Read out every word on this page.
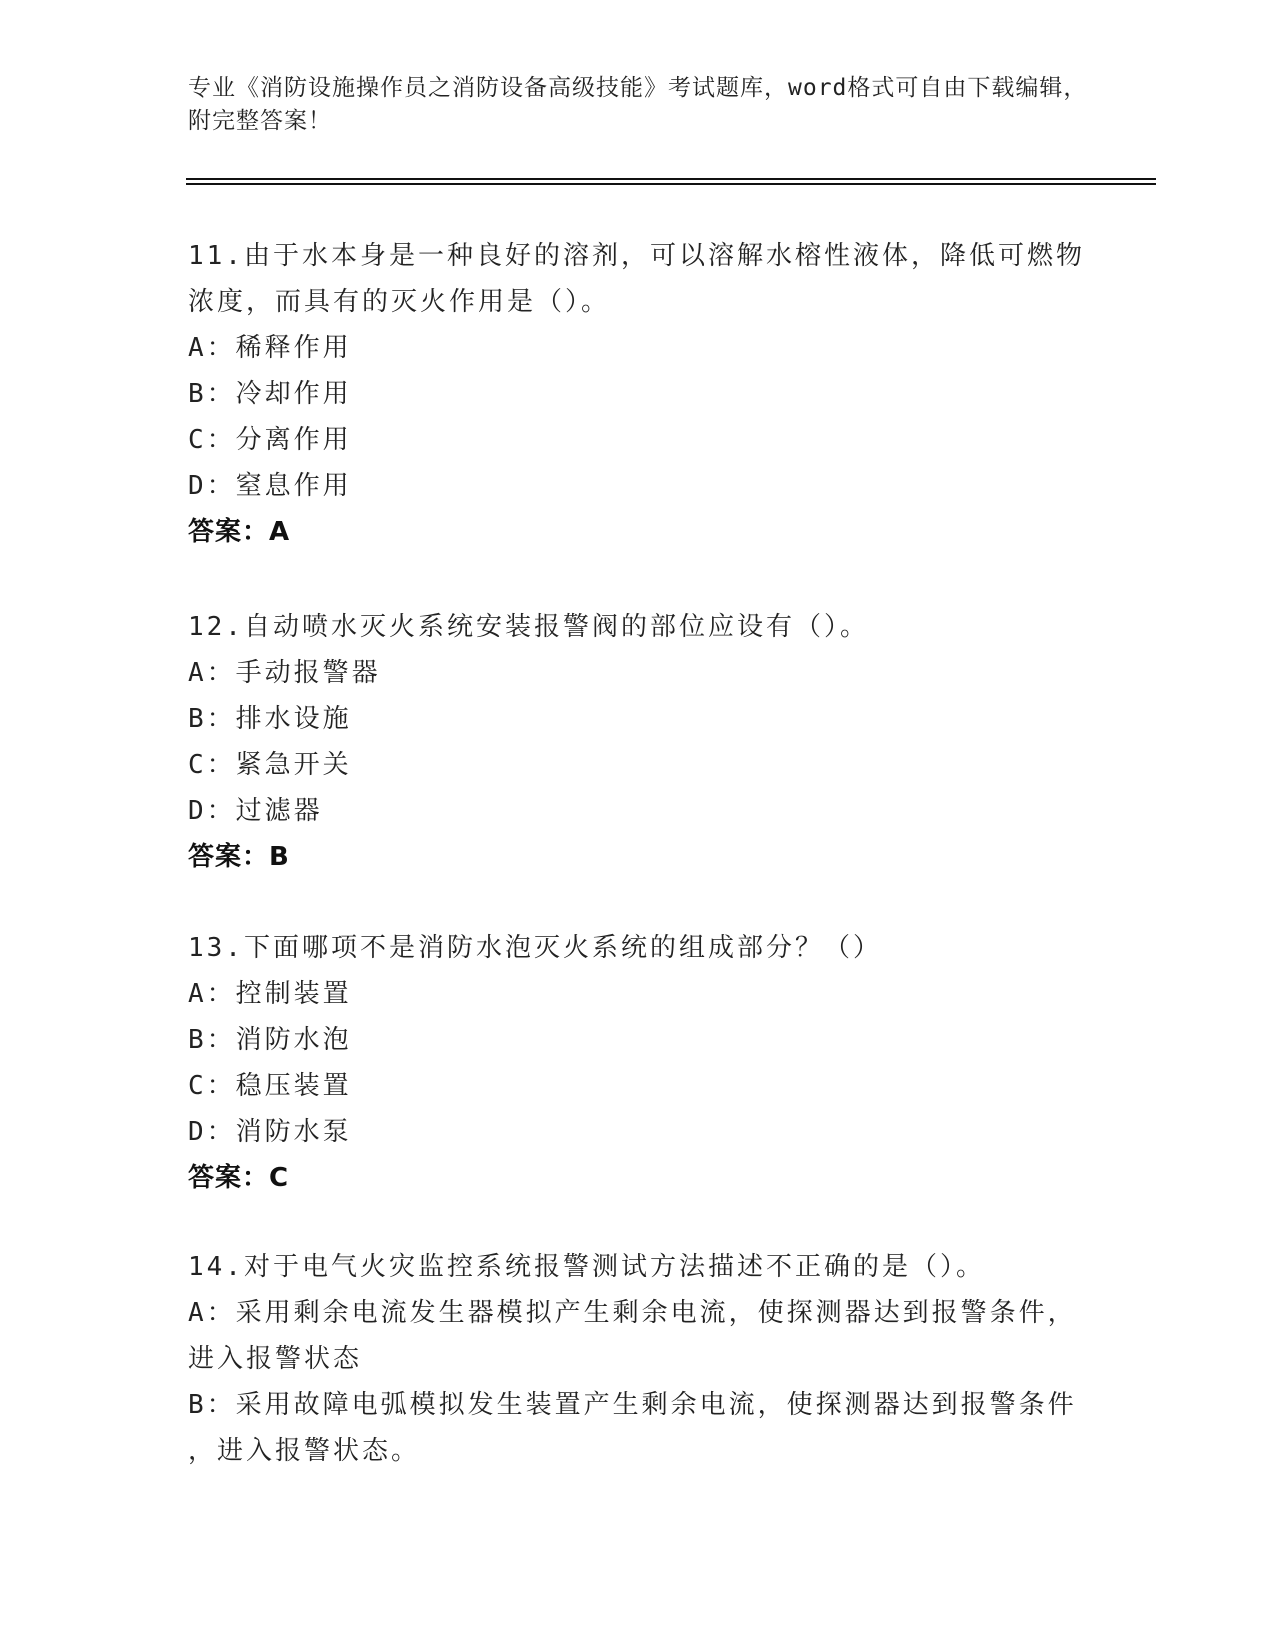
专业《消防设施操作员之消防设备高级技能》考试题库，word格式可自由下载编辑，附完整答案！
11.由于水本身是一种良好的溶剂，可以溶解水榕性液体，降低可燃物
浓度，而具有的灭火作用是（）。
A：稀释作用
B：冷却作用
C：分离作用
D：窒息作用
答案：A
12.自动喷水灭火系统安装报警阀的部位应设有（）。
A：手动报警器
B：排水设施
C：紧急开关
D：过滤器
答案：B
13.下面哪项不是消防水泡灭火系统的组成部分？（）
A：控制装置
B：消防水泡
C：稳压装置
D：消防水泵
答案：C
14.对于电气火灾监控系统报警测试方法描述不正确的是（）。
A：采用剩余电流发生器模拟产生剩余电流，使探测器达到报警条件，
进入报警状态
B：采用故障电弧模拟发生装置产生剩余电流，使探测器达到报警条件
，进入报警状态。
